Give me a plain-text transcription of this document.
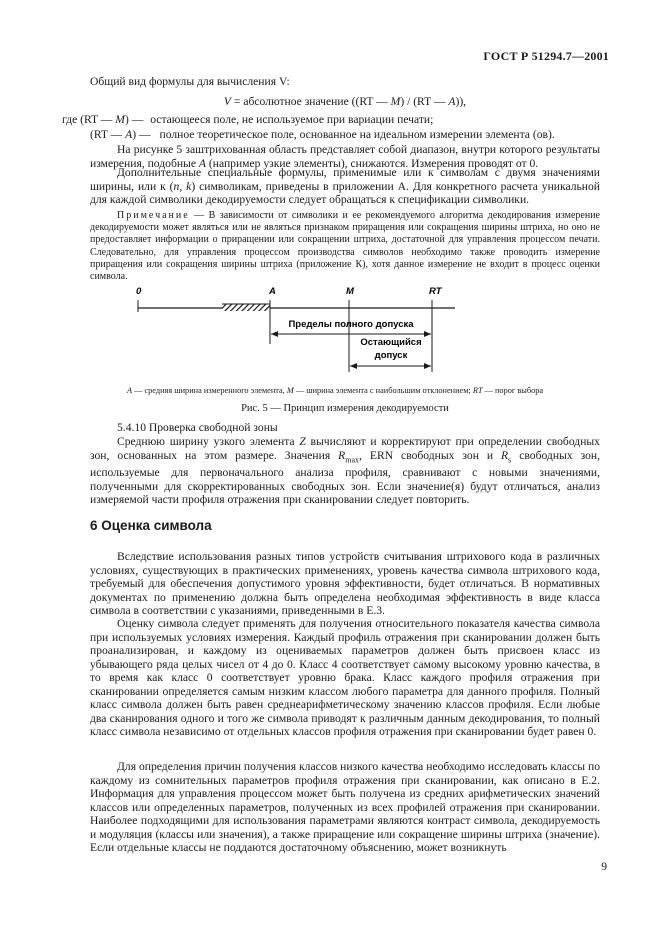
ГОСТ Р 51294.7—2001
Общий вид формулы для вычисления V:
V = абсолютное значение ((RT — M) / (RT — A)),
где (RT — M) — остающееся поле, не используемое при вариации печати;
(RT — A) — полное теоретическое поле, основанное на идеальном измерении элемента (ов).
На рисунке 5 заштрихованная область представляет собой диапазон, внутри которого результаты измерения, подобные A (например узкие элементы), снижаются. Измерения проводят от 0.
Дополнительные специальные формулы, применимые или к символам с двумя значениями ширины, или к (n, k) символикам, приведены в приложении А. Для конкретного расчета уникальной для каждой символики декодируемости следует обращаться к спецификации символики.
Примечание — В зависимости от символики и ее рекомендуемого алгоритма декодирования измерение декодируемости может являться или не являться признаком приращения или сокращения ширины штриха, но оно не предоставляет информации о приращении или сокращении штриха, достаточной для управления процессом печати. Следовательно, для управления процессом производства символов необходимо также проводить измерение приращения или сокращения ширины штриха (приложение К), хотя данное измерение не входит в процесс оценки символа.
0	A	M	RT
Пределы полного допуска
Остающийся
допуск
A — средняя ширина измеренного элемента, M — ширина элемента с наибольшим отклонением; RT — порог выбора
Рис. 5 — Принцип измерения декодируемости
5.4.10 Проверка свободной зоны
Среднюю ширину узкого элемента Z вычисляют и корректируют при определении свободных зон, основанных на этом размере. Значения $R_{max}$, ERN свободных зон и $R_s$ свободных зон, используемые для первоначального анализа профиля, сравнивают с новыми значениями, полученными для скорректированных свободных зон. Если значение(я) будут отличаться, анализ измеряемой части профиля отражения при сканировании следует повторить.
6 Оценка символа
Вследствие использования разных типов устройств считывания штрихового кода в различных условиях, существующих в практических применениях, уровень качества символа штрихового кода, требуемый для обеспечения допустимого уровня эффективности, будет отличаться. В нормативных документах по применению должна быть определена необходимая эффективность в виде класса символа в соответствии с указаниями, приведенными в Е.3.
Оценку символа следует применять для получения относительного показателя качества символа при используемых условиях измерения. Каждый профиль отражения при сканировании должен быть проанализирован, и каждому из оцениваемых параметров должен быть присвоен класс из убывающего ряда целых чисел от 4 до 0. Класс 4 соответствует самому высокому уровню качества, в то время как класс 0 соответствует уровню брака. Класс каждого профиля отражения при сканировании определяется самым низким классом любого параметра для данного профиля. Полный класс символа должен быть равен среднеарифметическому значению классов профиля. Если любые два сканирования одного и того же символа приводят к различным данным декодирования, то полный класс символа независимо от отдельных классов профиля отражения при сканировании будет равен 0.
Для определения причин получения классов низкого качества необходимо исследовать классы по каждому из сомнительных параметров профиля отражения при сканировании, как описано в Е.2. Информация для управления процессом может быть получена из средних арифметических значений классов или определенных параметров, полученных из всех профилей отражения при сканировании. Наиболее подходящими для использования параметрами являются контраст символа, декодируемость и модуляция (классы или значения), а также приращение или сокращение ширины штриха (значение). Если отдельные классы не поддаются достаточному объяснению, может возникнуть
9
